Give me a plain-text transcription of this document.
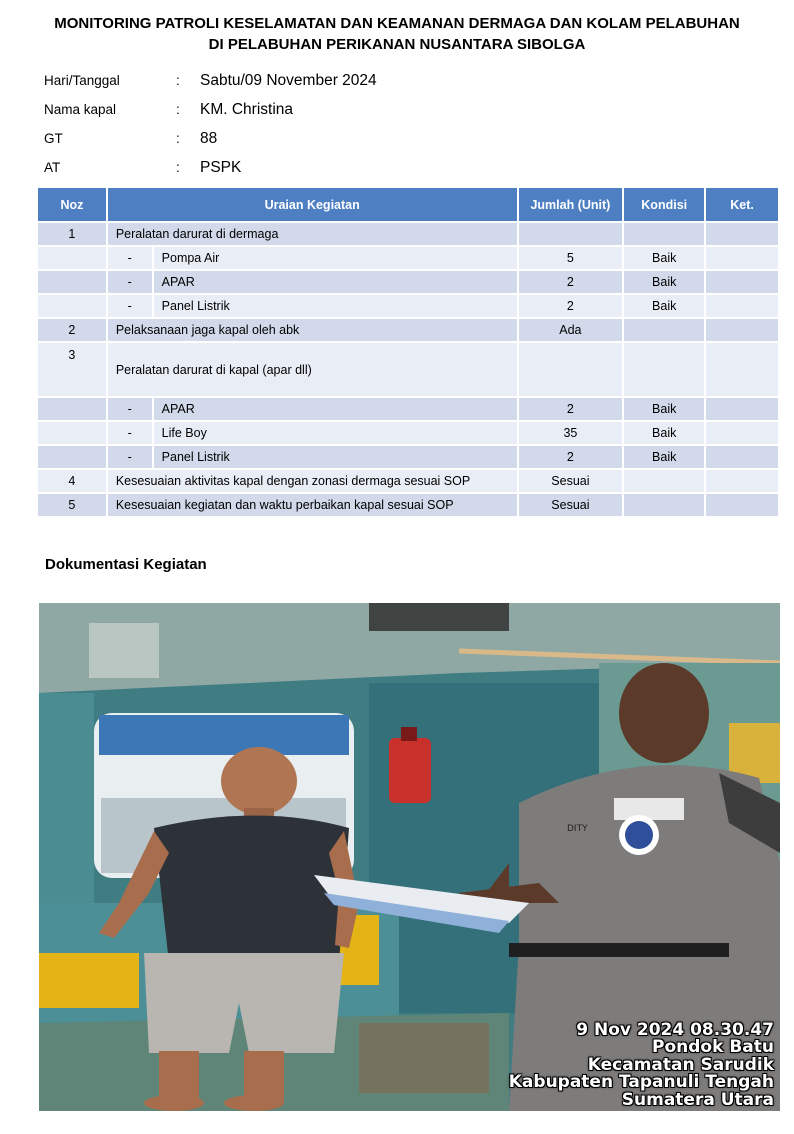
MONITORING PATROLI KESELAMATAN DAN KEAMANAN DERMAGA DAN KOLAM PELABUHAN
DI PELABUHAN PERIKANAN NUSANTARA SIBOLGA
Hari/Tanggal	:	Sabtu/09 November 2024
Nama kapal	:	KM. Christina
GT	:	88
AT	:	PSPK
Noz	Uraian Kegiatan		Jumlah (Unit)	Kondisi	Ket.
1	Peralatan darurat di dermaga				
	-	Pompa Air	5	Baik	
	-	APAR	2	Baik	
	-	Panel Listrik	2	Baik	
2	Pelaksanaan jaga kapal oleh abk		Ada		
3	Peralatan darurat di kapal (apar dll)				
	-	APAR	2	Baik	
	-	Life Boy	35	Baik	
	-	Panel Listrik	2	Baik	
4	Kesesuaian aktivitas kapal dengan zonasi dermaga sesuai SOP		Sesuai		
5	Kesesuaian kegiatan dan waktu perbaikan kapal sesuai SOP		Sesuai		
Dokumentasi Kegiatan
DITY
9 Nov 2024 08.30.47
Pondok Batu
Kecamatan Sarudik
Kabupaten Tapanuli Tengah
Sumatera Utara
